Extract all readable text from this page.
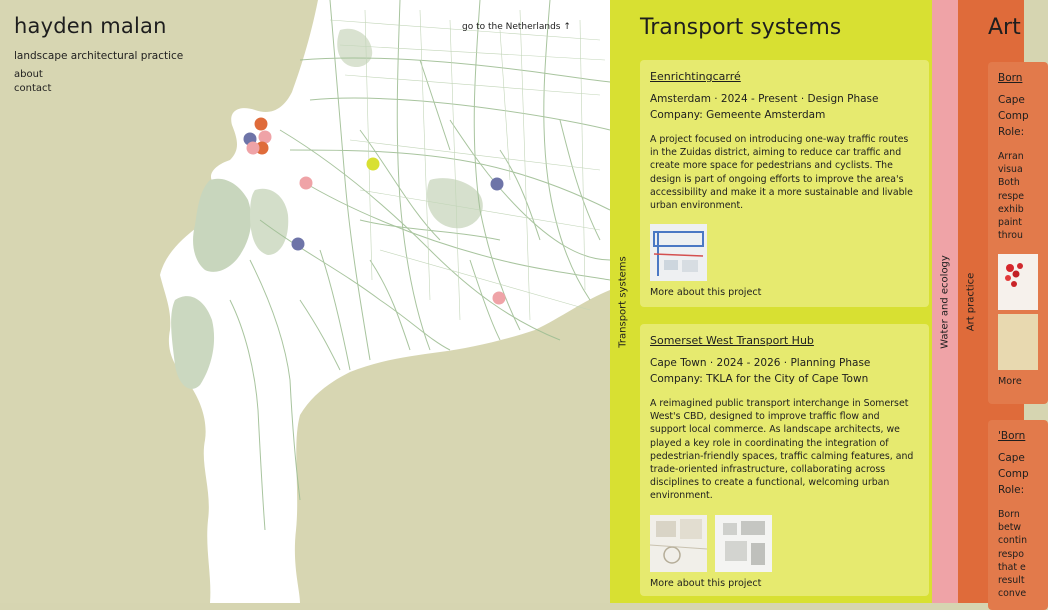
hayden malan
landscape architectural practice
about
contact
go to the Netherlands ↑
Transport systems
Transport systems
Eenrichtingcarré
Amsterdam · 2024 - Present · Design Phase
Company: Gemeente Amsterdam
A project focused on introducing one-way traffic routes
in the Zuidas district, aiming to reduce car traffic and
create more space for pedestrians and cyclists. The
design is part of ongoing efforts to improve the area's
accessibility and make it a more sustainable and livable
urban environment.
More about this project
Somerset West Transport Hub
Cape Town · 2024 - 2026 · Planning Phase
Company: TKLA for the City of Cape Town
A reimagined public transport interchange in Somerset
West's CBD, designed to improve traffic flow and
support local commerce. As landscape architects, we
played a key role in coordinating the integration of
pedestrian-friendly spaces, traffic calming features, and
trade-oriented infrastructure, collaborating across
disciplines to create a functional, welcoming urban
environment.
More about this project
Water and ecology Art practice
Art
Born
Cape
Comp
Role:
Arran
visua
Both
respe
exhib
paint
throu
More
'Born
Cape
Comp
Role:
Born
betw
contin
respo
that e
result
conve
